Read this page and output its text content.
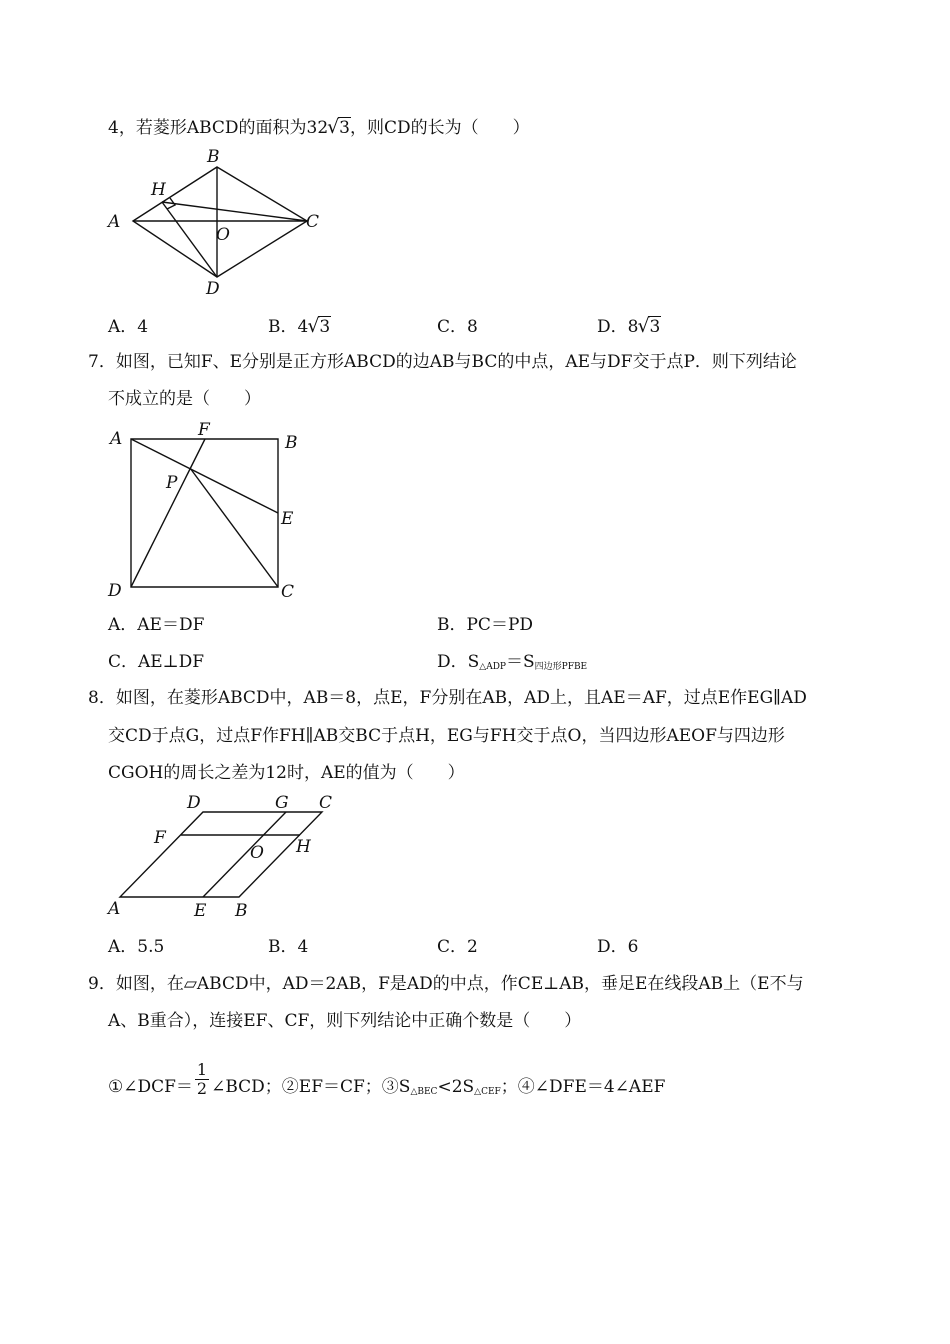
4，若菱形ABCD的面积为32 √ 3，则CD的长为（　　）
A
B
C
D
H
O
A．4	B．4 √ 3	C．8	D．8 √ 3
7．如图，已知F、E分别是正方形ABCD的边AB与BC的中点，AE与DF交于点P．则下列结论
不成立的是（　　）
A	F
B
P
E
D	C
A．AE＝DF	B．PC＝PD
C．AE⊥DF	D．$S_{\triangle ADP}=S_{四边形PFBE}$
8．如图，在菱形ABCD中，AB＝8，点E，F分别在AB，AD上，且AE＝AF，过点E作EG∥AD
交CD于点G，过点F作FH∥AB交BC于点H，EG与FH交于点O，当四边形AEOF与四边形
CGOH的周长之差为12时，AE的值为（　　）
D	G C
F
O H
A	E B
A．5.5	B．4	C．2	D．6
9．如图，在▱ABCD中，AD＝2AB，F是AD的中点，作CE⊥AB，垂足E在线段AB上（E不与
A、B重合），连接EF、CF，则下列结论中正确个数是（　　）
①∠DCF＝ $\frac{1}{2}$ ∠BCD；②EF＝CF；$③S_{\triangle BEC}<2S_{\triangle CEF}$；④∠DFE＝4∠AEF
